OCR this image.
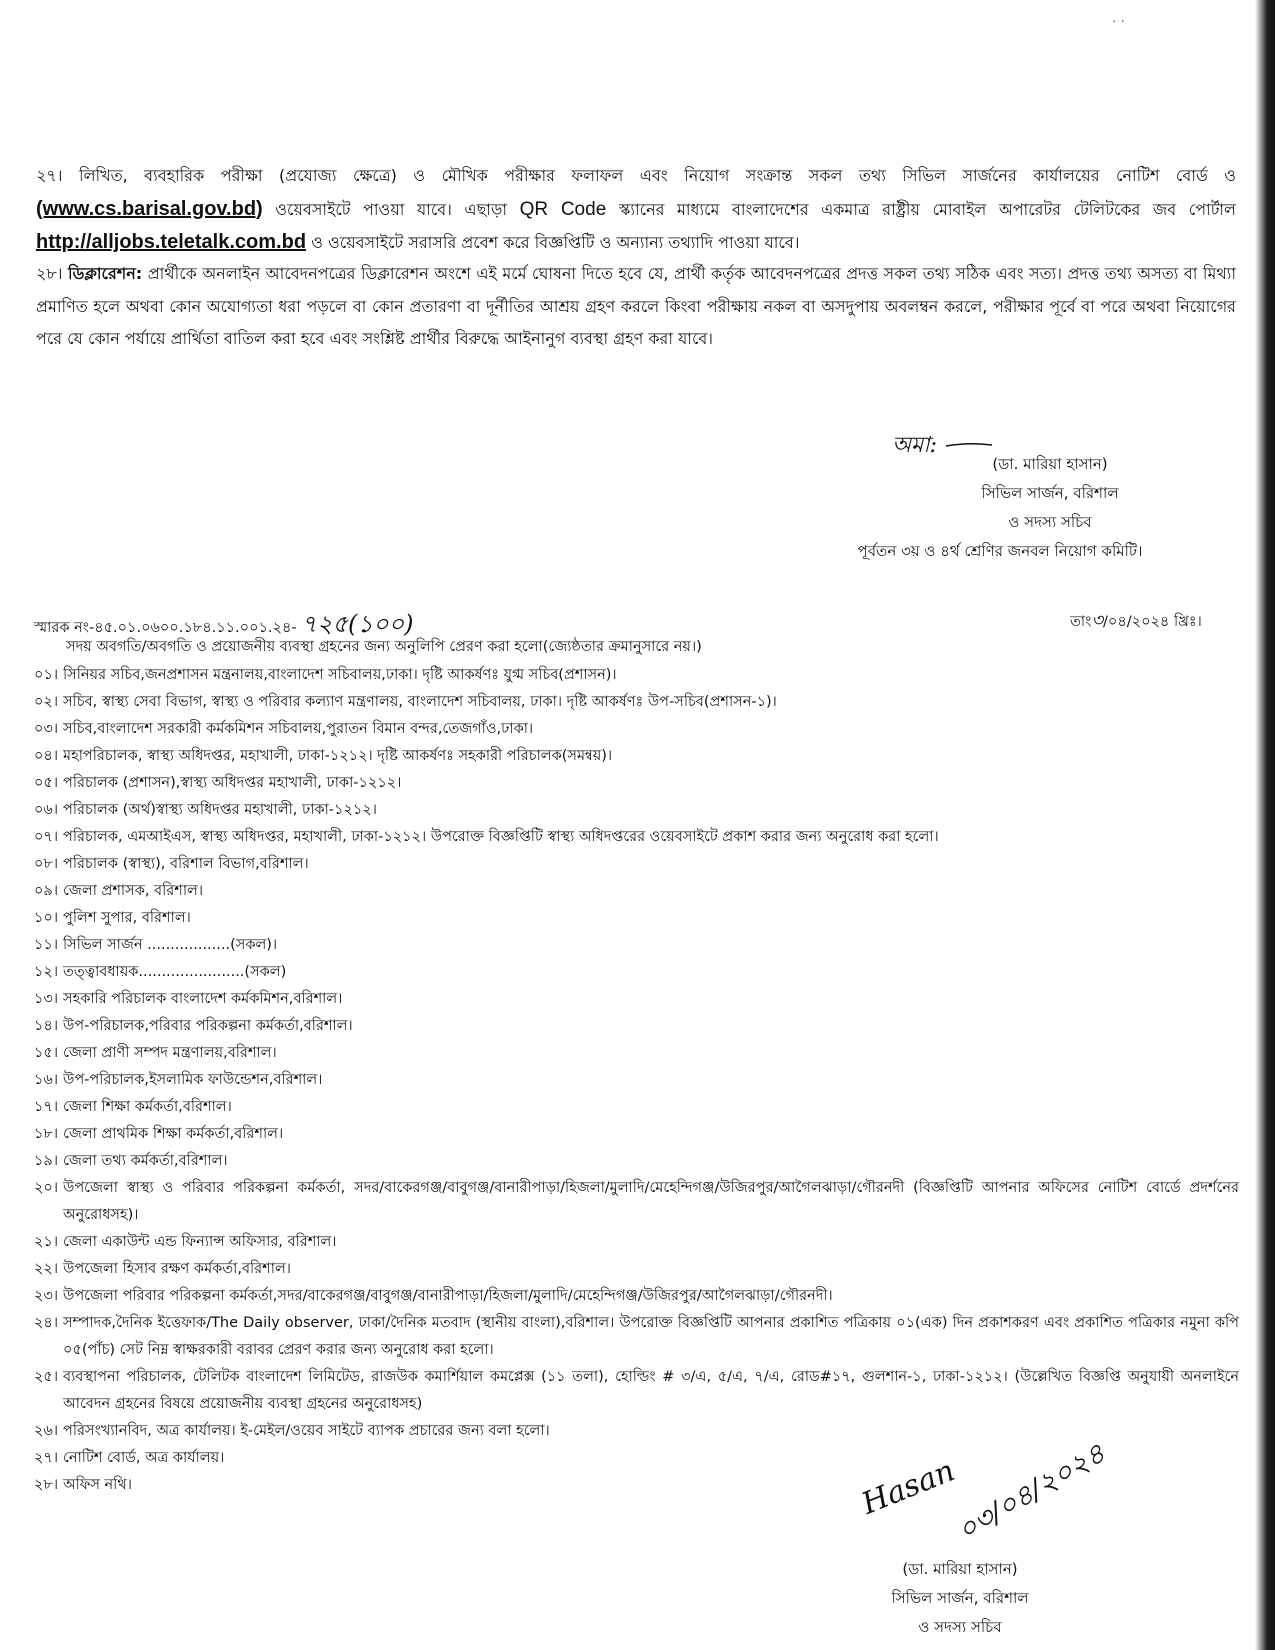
⸱ ·
২৭। লিখিত, ব্যবহারিক পরীক্ষা (প্রযোজ্য ক্ষেত্রে) ও মৌখিক পরীক্ষার ফলাফল এবং নিয়োগ সংক্রান্ত সকল তথ্য সিভিল সার্জনের কার্যালয়ের নোটিশ বোর্ড ও (www.cs.barisal.gov.bd) ওয়েবসাইটে পাওয়া যাবে। এছাড়া QR Code স্ক্যানের মাধ্যমে বাংলাদেশের একমাত্র রাষ্ট্রীয় মোবাইল অপারেটর টেলিটকের জব পোর্টাল http://alljobs.teletalk.com.bd ও ওয়েবসাইটে সরাসরি প্রবেশ করে বিজ্ঞপ্তিটি ও অন্যান্য তথ্যাদি পাওয়া যাবে।
২৮। ডিক্লারেশন: প্রার্থীকে অনলাইন আবেদনপত্রের ডিক্লারেশন অংশে এই মর্মে ঘোষনা দিতে হবে যে, প্রার্থী কর্তৃক আবেদনপত্রের প্রদত্ত সকল তথ্য সঠিক এবং সত্য। প্রদত্ত তথ্য অসত্য বা মিথ্যা প্রমাণিত হলে অথবা কোন অযোগ্যতা ধরা পড়লে বা কোন প্রতারণা বা দূর্নীতির আশ্রয় গ্রহণ করলে কিংবা পরীক্ষায় নকল বা অসদুপায় অবলম্বন করলে, পরীক্ষার পূর্বে বা পরে অথবা নিয়োগের পরে যে কোন পর্যায়ে প্রার্থিতা বাতিল করা হবে এবং সংশ্লিষ্ট প্রার্থীর বিরুদ্ধে আইনানুগ ব্যবস্থা গ্রহণ করা যাবে।
অমা:
(ডা. মারিয়া হাসান)
সিভিল সার্জন, বরিশাল
ও সদস্য সচিব
পূর্বতন ৩য় ও ৪র্থ শ্রেণির জনবল নিয়োগ কমিটি।
স্মারক নং-৪৫.০১.০৬০০.১৮৪.১১.০০১.২৪- ৭২৫(১০০)	তাং৩/০৪/২০২৪ খ্রিঃ।
সদয় অবগতি/অবগতি ও প্রয়োজনীয় ব্যবস্থা গ্রহনের জন্য অনুলিপি প্রেরণ করা হলো(জ্যেষ্ঠতার ক্রমানুসারে নয়।)
০১। সিনিয়র সচিব,জনপ্রশাসন মন্ত্রনালয়,বাংলাদেশ সচিবালয়,ঢাকা। দৃষ্টি আকর্ষণঃ যুগ্ম সচিব(প্রশাসন)।
০২। সচিব, স্বাস্থ্য সেবা বিভাগ, স্বাস্থ্য ও পরিবার কল্যাণ মন্ত্রণালয়, বাংলাদেশ সচিবালয়, ঢাকা। দৃষ্টি আকর্ষণঃ উপ-সচিব(প্রশাসন-১)।
০৩। সচিব,বাংলাদেশ সরকারী কর্মকমিশন সচিবালয়,পুরাতন বিমান বন্দর,তেজগাঁও,ঢাকা।
০৪। মহাপরিচালক, স্বাস্থ্য অধিদপ্তর, মহাখালী, ঢাকা-১২১২। দৃষ্টি আকর্ষণঃ সহকারী পরিচালক(সমন্বয়)।
০৫। পরিচালক (প্রশাসন),স্বাস্থ্য অধিদপ্তর মহাখালী, ঢাকা-১২১২।
০৬। পরিচালক (অর্থ)স্বাস্থ্য অধিদপ্তর মহাখালী, ঢাকা-১২১২।
০৭। পরিচালক, এমআইএস, স্বাস্থ্য অধিদপ্তর, মহাখালী, ঢাকা-১২১২। উপরোক্ত বিজ্ঞপ্তিটি স্বাস্থ্য অধিদপ্তরের ওয়েবসাইটে প্রকাশ করার জন্য অনুরোধ করা হলো।
০৮। পরিচালক (স্বাস্থ্য), বরিশাল বিভাগ,বরিশাল।
০৯। জেলা প্রশাসক, বরিশাল।
১০। পুলিশ সুপার, বরিশাল।
১১। সিভিল সার্জন ..................(সকল)।
১২। তত্ত্বাবধায়ক.......................(সকল)
১৩। সহকারি পরিচালক বাংলাদেশ কর্মকমিশন,বরিশাল।
১৪। উপ-পরিচালক,পরিবার পরিকল্পনা কর্মকর্তা,বরিশাল।
১৫। জেলা প্রাণী সম্পদ মন্ত্রণালয়,বরিশাল।
১৬। উপ-পরিচালক,ইসলামিক ফাউন্ডেশন,বরিশাল।
১৭। জেলা শিক্ষা কর্মকর্তা,বরিশাল।
১৮। জেলা প্রাথমিক শিক্ষা কর্মকর্তা,বরিশাল।
১৯। জেলা তথ্য কর্মকর্তা,বরিশাল।
২০। উপজেলা স্বাস্থ্য ও পরিবার পরিকল্পনা কর্মকর্তা, সদর/বাকেরগঞ্জ/বাবুগঞ্জ/বানারীপাড়া/হিজলা/মুলাদি/মেহেন্দিগঞ্জ/উজিরপুর/আগৈলঝাড়া/গৌরনদী (বিজ্ঞপ্তিটি আপনার অফিসের নোটিশ বোর্ডে প্রদর্শনের অনুরোধসহ)।
২১। জেলা একাউন্ট এন্ড ফিন্যান্স অফিসার, বরিশাল।
২২। উপজেলা হিসাব রক্ষণ কর্মকর্তা,বরিশাল।
২৩। উপজেলা পরিবার পরিকল্পনা কর্মকর্তা,সদর/বাকেরগঞ্জ/বাবুগঞ্জ/বানারীপাড়া/হিজলা/মুলাদি/মেহেন্দিগঞ্জ/উজিরপুর/আগৈলঝাড়া/গৌরনদী।
২৪। সম্পাদক,দৈনিক ইত্তেফাক/The Daily observer, ঢাকা/দৈনিক মতবাদ (স্থানীয় বাংলা),বরিশাল। উপরোক্ত বিজ্ঞপ্তিটি আপনার প্রকাশিত পত্রিকায় ০১(এক) দিন প্রকাশকরণ এবং প্রকাশিত পত্রিকার নমুনা কপি ০৫(পাঁচ) সেট নিম্ন স্বাক্ষরকারী বরাবর প্রেরণ করার জন্য অনুরোধ করা হলো।
২৫। ব্যবস্থাপনা পরিচালক, টেলিটক বাংলাদেশ লিমিটেড, রাজউক কমার্শিয়াল কমপ্লেক্স (১১ তলা), হোল্ডিং # ৩/এ, ৫/এ, ৭/এ, রোড#১৭, গুলশান-১, ঢাকা-১২১২। (উল্লেখিত বিজ্ঞপ্তি অনুযায়ী অনলাইনে আবেদন গ্রহনের বিষয়ে প্রয়োজনীয় ব্যবস্থা গ্রহনের অনুরোধসহ)
২৬। পরিসংখ্যানবিদ, অত্র কার্যালয়। ই-মেইল/ওয়েব সাইটে ব্যাপক প্রচারের জন্য বলা হলো।
২৭। নোটিশ বোর্ড, অত্র কার্যালয়।
২৮। অফিস নথি।	Hasan
০৩/০৪/২০২৪
(ডা. মারিয়া হাসান)
সিভিল সার্জন, বরিশাল
ও সদস্য সচিব
